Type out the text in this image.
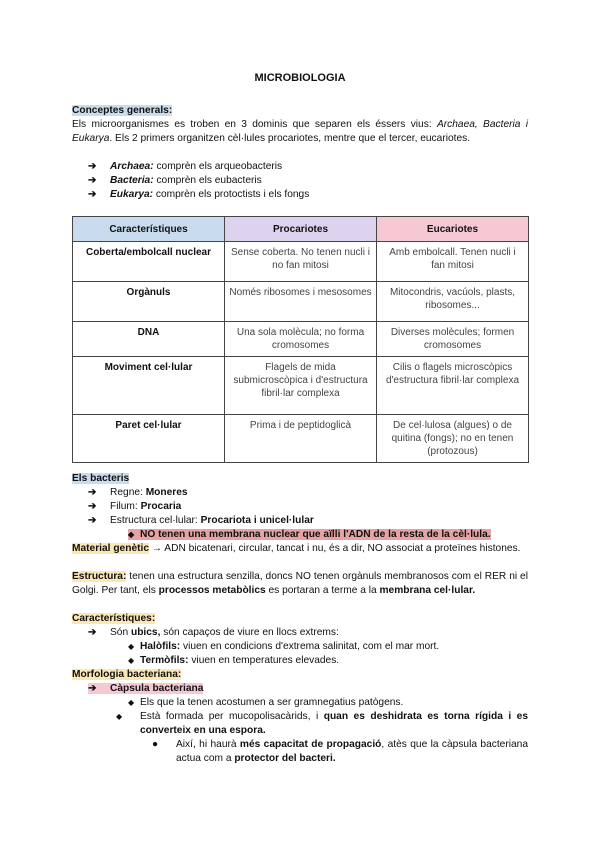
MICROBIOLOGIA
Conceptes generals:
Els microorganismes es troben en 3 dominis que separen els éssers vius: Archaea, Bacteria i Eukarya. Els 2 primers organitzen cèl·lules procariotes, mentre que el tercer, eucariotes.
➔ Archaea: comprèn els arqueobacteris
➔ Bacteria: comprèn els eubacteris
➔ Eukarya: comprèn els protoctists i els fongs
Característiques	Procariotes	Eucariotes
Coberta/embolcall nuclear	Sense coberta. No tenen nucli i no fan mitosi	Amb embolcall. Tenen nucli i fan mitosi
Orgànuls	Només ribosomes i mesosomes	Mitocondris, vacúols, plasts, ribosomes...
DNA	Una sola molècula; no forma cromosomes	Diverses molècules; formen cromosomes
Moviment cel·lular	Flagels de mida submicroscòpica i d'estructura fibril·lar complexa	Cilis o flagels microscòpics d'estructura fibril·lar complexa
Paret cel·lular	Prima i de peptidoglicà	De cel·lulosa (algues) o de quitina (fongs); no en tenen (protozous)
Els bacteris
➔ Regne: Moneres
➔ Filum: Procaria
➔ Estructura cel·lular: Procariota i unicel·lular
◆ NO tenen una membrana nuclear que aïlli l'ADN de la resta de la cèl·lula.
Material genètic → ADN bicatenari, circular, tancat i nu, és a dir, NO associat a proteïnes histones.
Estructura: tenen una estructura senzilla, doncs NO tenen orgànuls membranosos com el RER ni el Golgi. Per tant, els processos metabòlics es portaran a terme a la membrana cel·lular.
Característiques:
➔ Són ubics, són capaços de viure en llocs extrems:
◆ Halòfils: viuen en condicions d'extrema salinitat, com el mar mort.
◆ Termòfils: viuen en temperatures elevades.
Morfologia bacteriana:
➔ Càpsula bacteriana
◆ Els que la tenen acostumen a ser gramnegatius patògens.
◆ Està formada per mucopolisacàrids, i quan es deshidrata es torna rígida i es converteix en una espora.
● Així, hi haurà més capacitat de propagació, atès que la càpsula bacteriana actua com a protector del bacteri.
